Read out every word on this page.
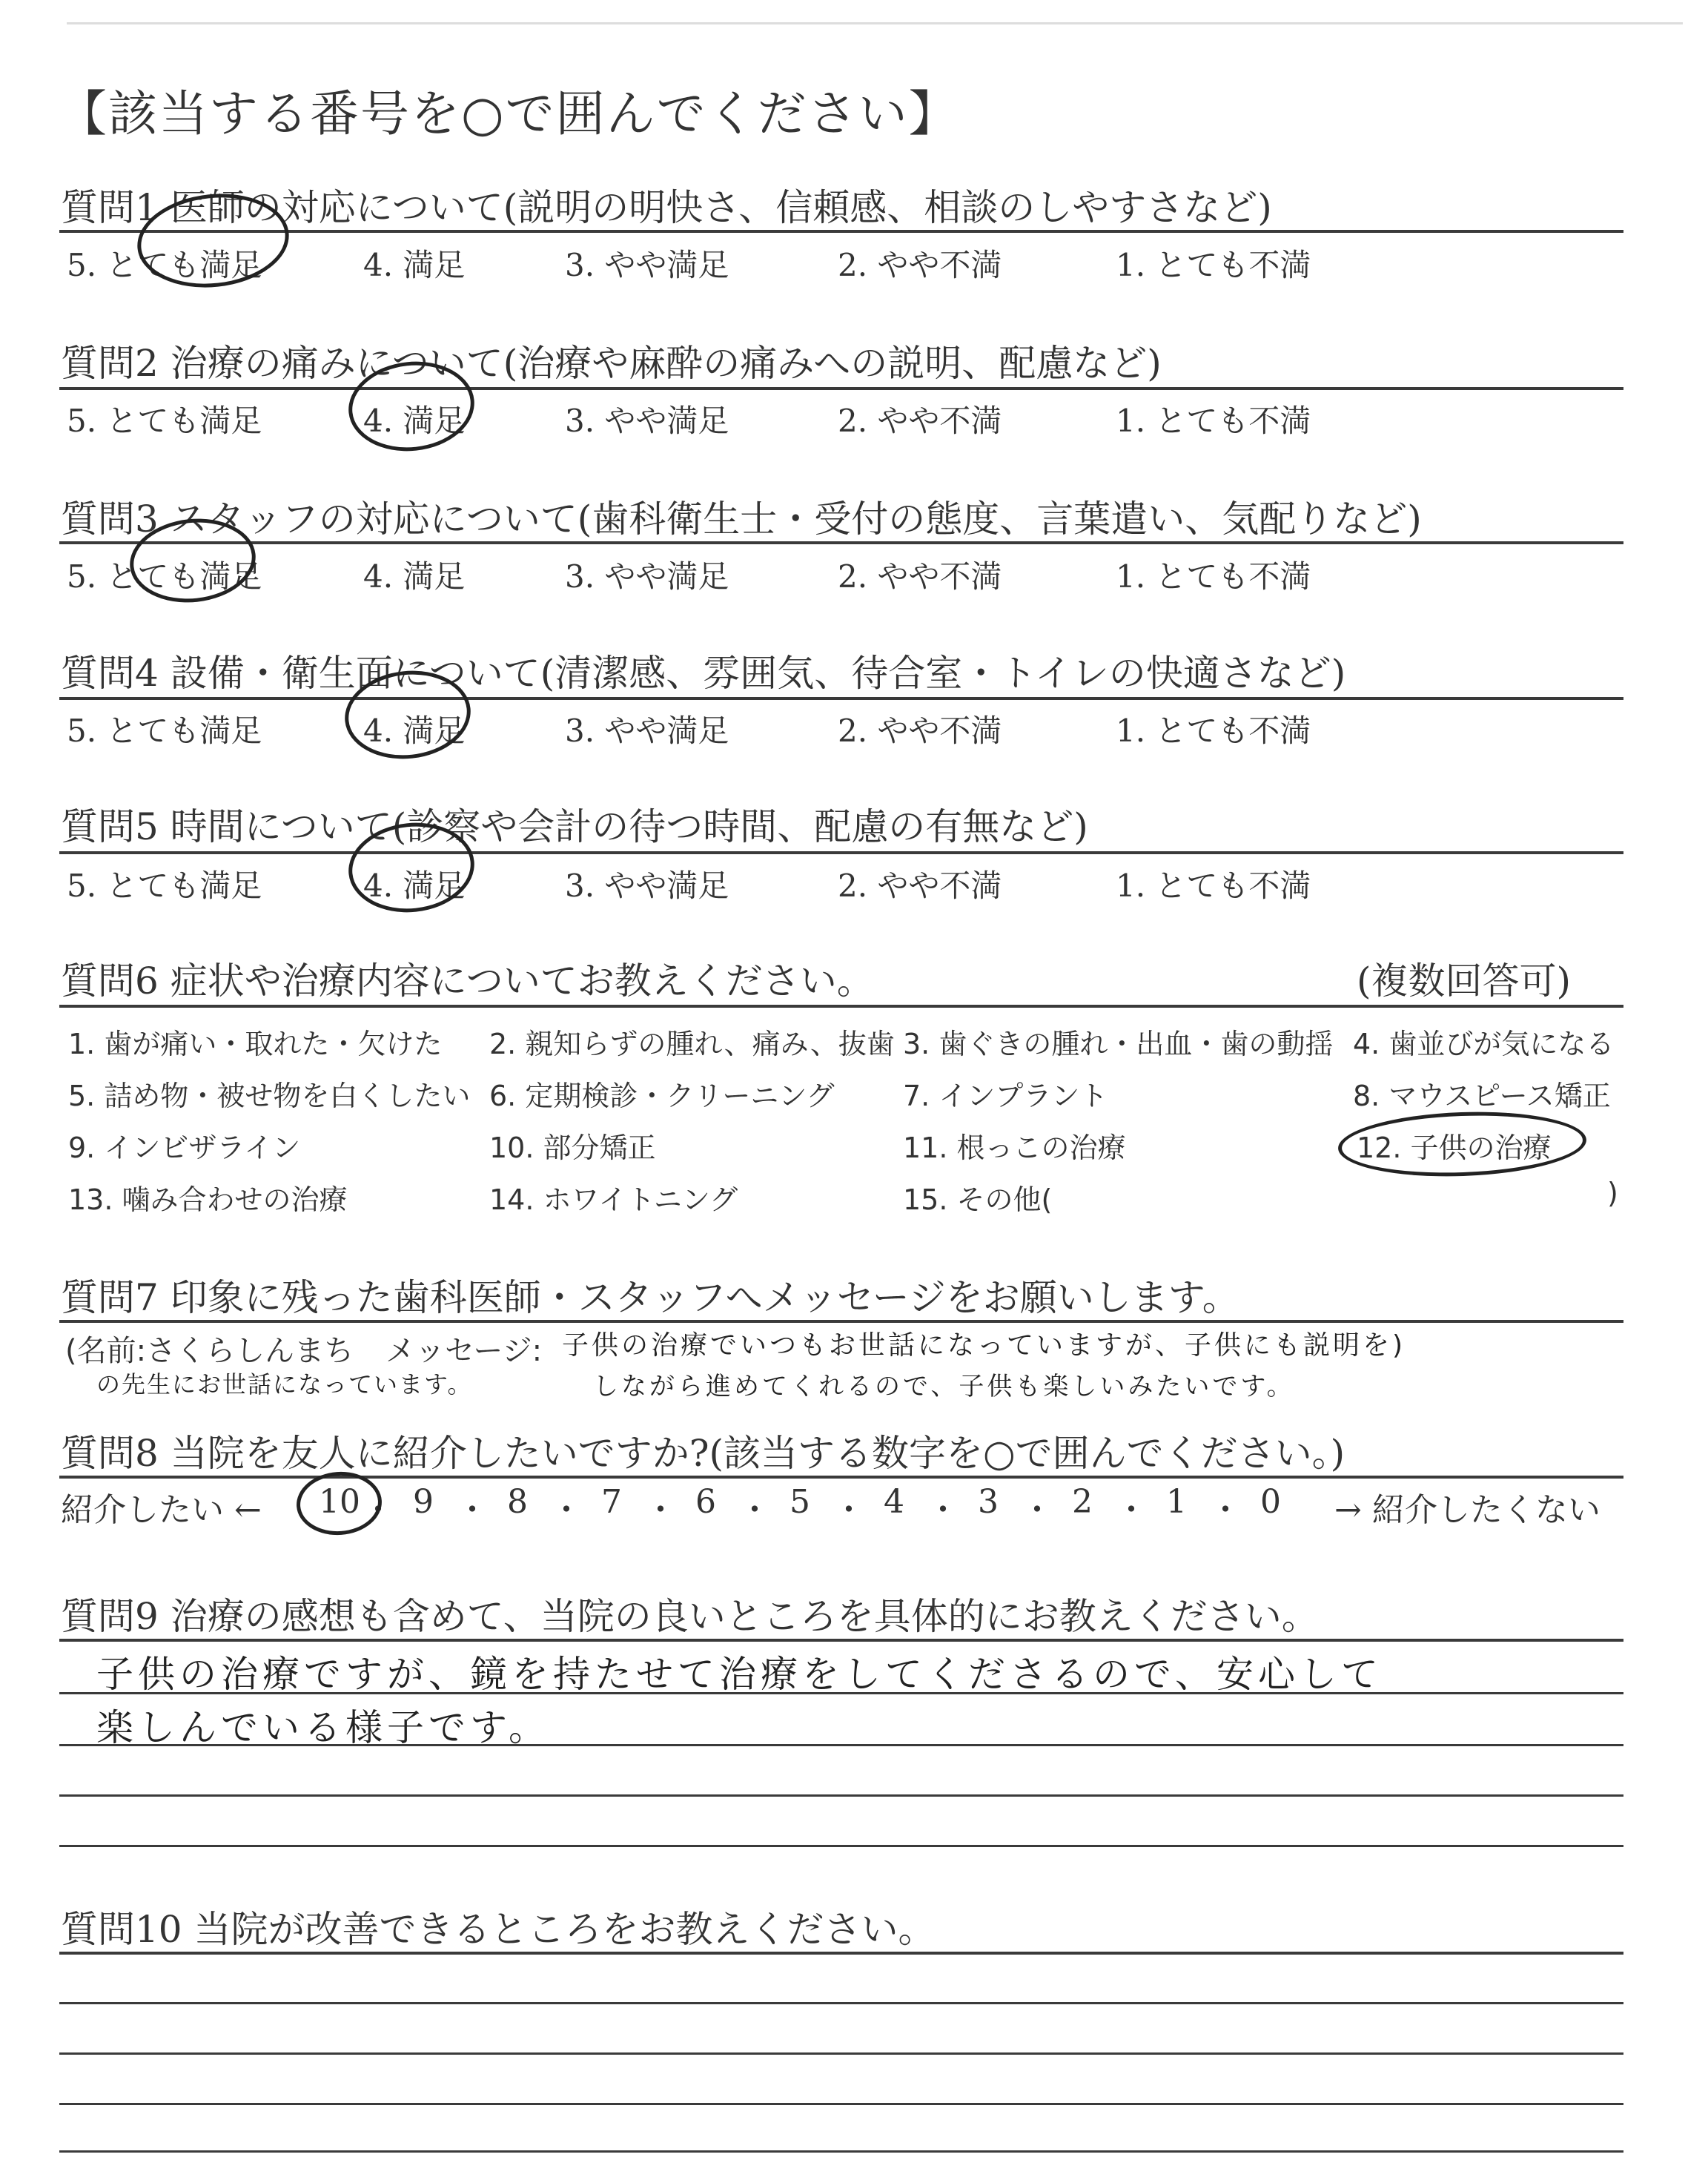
【該当する番号を○で囲んでください】
質問1 医師の対応について(説明の明快さ、信頼感、相談のしやすさなど)
5. とても満足	4. 満足	3. やや満足	2. やや不満	1. とても不満
質問2 治療の痛みについて(治療や麻酔の痛みへの説明、配慮など)
5. とても満足	4. 満足	3. やや満足	2. やや不満	1. とても不満
質問3 スタッフの対応について(歯科衛生士・受付の態度、言葉遣い、気配りなど)
5. とても満足	4. 満足	3. やや満足	2. やや不満	1. とても不満
質問4 設備・衛生面について(清潔感、雰囲気、待合室・トイレの快適さなど)
5. とても満足	4. 満足	3. やや満足	2. やや不満	1. とても不満
質問5 時間について(診察や会計の待つ時間、配慮の有無など)
5. とても満足	4. 満足	3. やや満足	2. やや不満	1. とても不満
質問6 症状や治療内容についてお教えください。	(複数回答可)
1. 歯が痛い・取れた・欠けた 2. 親知らずの腫れ、痛み、抜歯 3. 歯ぐきの腫れ・出血・歯の動揺 4. 歯並びが気になる
5. 詰め物・被せ物を白くしたい 6. 定期検診・クリーニング 7. インプラント	8. マウスピース矯正
9. インビザライン	10. 部分矯正	11. 根っこの治療	12. 子供の治療
13. 噛み合わせの治療	14. ホワイトニング	15. その他(	)
質問7 印象に残った歯科医師・スタッフへメッセージをお願いします。
(名前:さくらしんまち メッセージ:
の先生にお世話になっています。
子供の治療でいつもお世話になっていますが、子供にも説明を)
しながら進めてくれるので、子供も楽しいみたいです。
質問8 当院を友人に紹介したいですか?(該当する数字を○で囲んでください。)
紹介したい ←	→ 紹介したくない
10 ・ 9 ・ 8 ・ 7 ・ 6 ・ 5 ・ 4 ・ 3 ・ 2 ・ 1 ・ 0
質問9 治療の感想も含めて、当院の良いところを具体的にお教えください。
子供の治療ですが、鏡を持たせて治療をしてくださるので、安心して
楽しんでいる様子です。
質問10 当院が改善できるところをお教えください。
